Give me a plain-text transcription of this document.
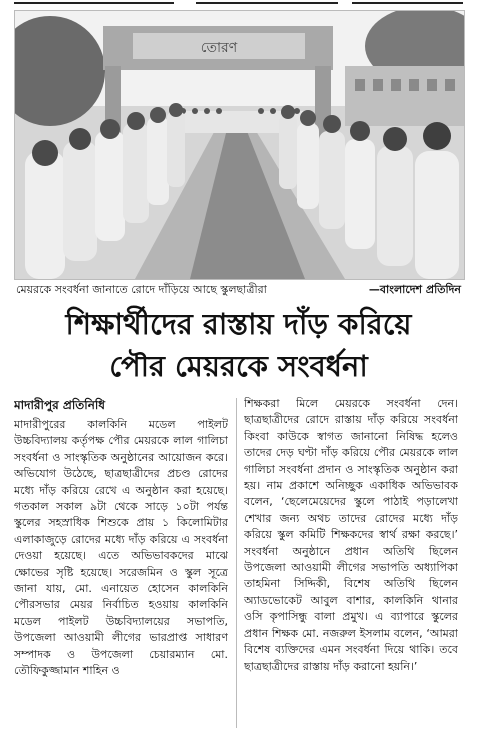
তোরণ
মেয়রকে সংবর্ধনা জানাতে রোদে দাঁড়িয়ে আছে স্কুলছাত্রীরা	—বাংলাদেশ প্রতিদিন
শিক্ষার্থীদের রাস্তায় দাঁড় করিয়ে
পৌর মেয়রকে সংবর্ধনা
মাদারীপুর প্রতিনিধি

মাদারীপুরের কালকিনি মডেল পাইলট উচ্চবিদ্যালয় কর্তৃপক্ষ পৌর মেয়রকে লাল গালিচা সংবর্ধনা ও সাংস্কৃতিক অনুষ্ঠানের আয়োজন করে। অভিযোগ উঠেছে, ছাত্রছাত্রীদের প্রচণ্ড রোদের মধ্যে দাঁড় করিয়ে রেখে এ অনুষ্ঠান করা হয়েছে। গতকাল সকাল ৯টা থেকে সাড়ে ১০টা পর্যন্ত স্কুলের সহস্রাধিক শিশুকে প্রায় ১ কিলোমিটার এলাকাজুড়ে রোদের মধ্যে দাঁড় করিয়ে এ সংবর্ধনা দেওয়া হয়েছে। এতে অভিভাবকদের মাঝে ক্ষোভের সৃষ্টি হয়েছে। সরেজমিন ও স্কুল সূত্রে জানা যায়, মো. এনায়েত হোসেন কালকিনি পৌরসভার মেয়র নির্বাচিত হওয়ায় কালকিনি মডেল পাইলট উচ্চবিদ্যালয়ের সভাপতি, উপজেলা আওয়ামী লীগের ভারপ্রাপ্ত সাধারণ সম্পাদক ও উপজেলা চেয়ারম্যান মো. তৌফিকুজ্জামান শাহিন ও

শিক্ষকরা মিলে মেয়রকে সংবর্ধনা দেন। ছাত্রছাত্রীদের রোদে রাস্তায় দাঁড় করিয়ে সংবর্ধনা কিংবা কাউকে স্বাগত জানানো নিষিদ্ধ হলেও তাদের দেড় ঘণ্টা দাঁড় করিয়ে পৌর মেয়রকে লাল গালিচা সংবর্ধনা প্রদান ও সাংস্কৃতিক অনুষ্ঠান করা হয়। নাম প্রকাশে অনিচ্ছুক একাধিক অভিভাবক বলেন, ‘ছেলেমেয়েদের স্কুলে পাঠাই পড়ালেখা শেখার জন্য অথচ তাদের রোদের মধ্যে দাঁড় করিয়ে স্কুল কমিটি শিক্ষকদের স্বার্থ রক্ষা করছে।’ সংবর্ধনা অনুষ্ঠানে প্রধান অতিথি ছিলেন উপজেলা আওয়ামী লীগের সভাপতি অধ্যাপিকা তাহমিনা সিদ্দিকী, বিশেষ অতিথি ছিলেন অ্যাডভোকেট আবুল বাশার, কালকিনি থানার ওসি কৃপাসিন্ধু বালা প্রমুখ। এ ব্যাপারে স্কুলের প্রধান শিক্ষক মো. নজরুল ইসলাম বলেন, ‘আমরা বিশেষ ব্যক্তিদের এমন সংবর্ধনা দিয়ে থাকি। তবে ছাত্রছাত্রীদের রাস্তায় দাঁড় করানো হয়নি।’
